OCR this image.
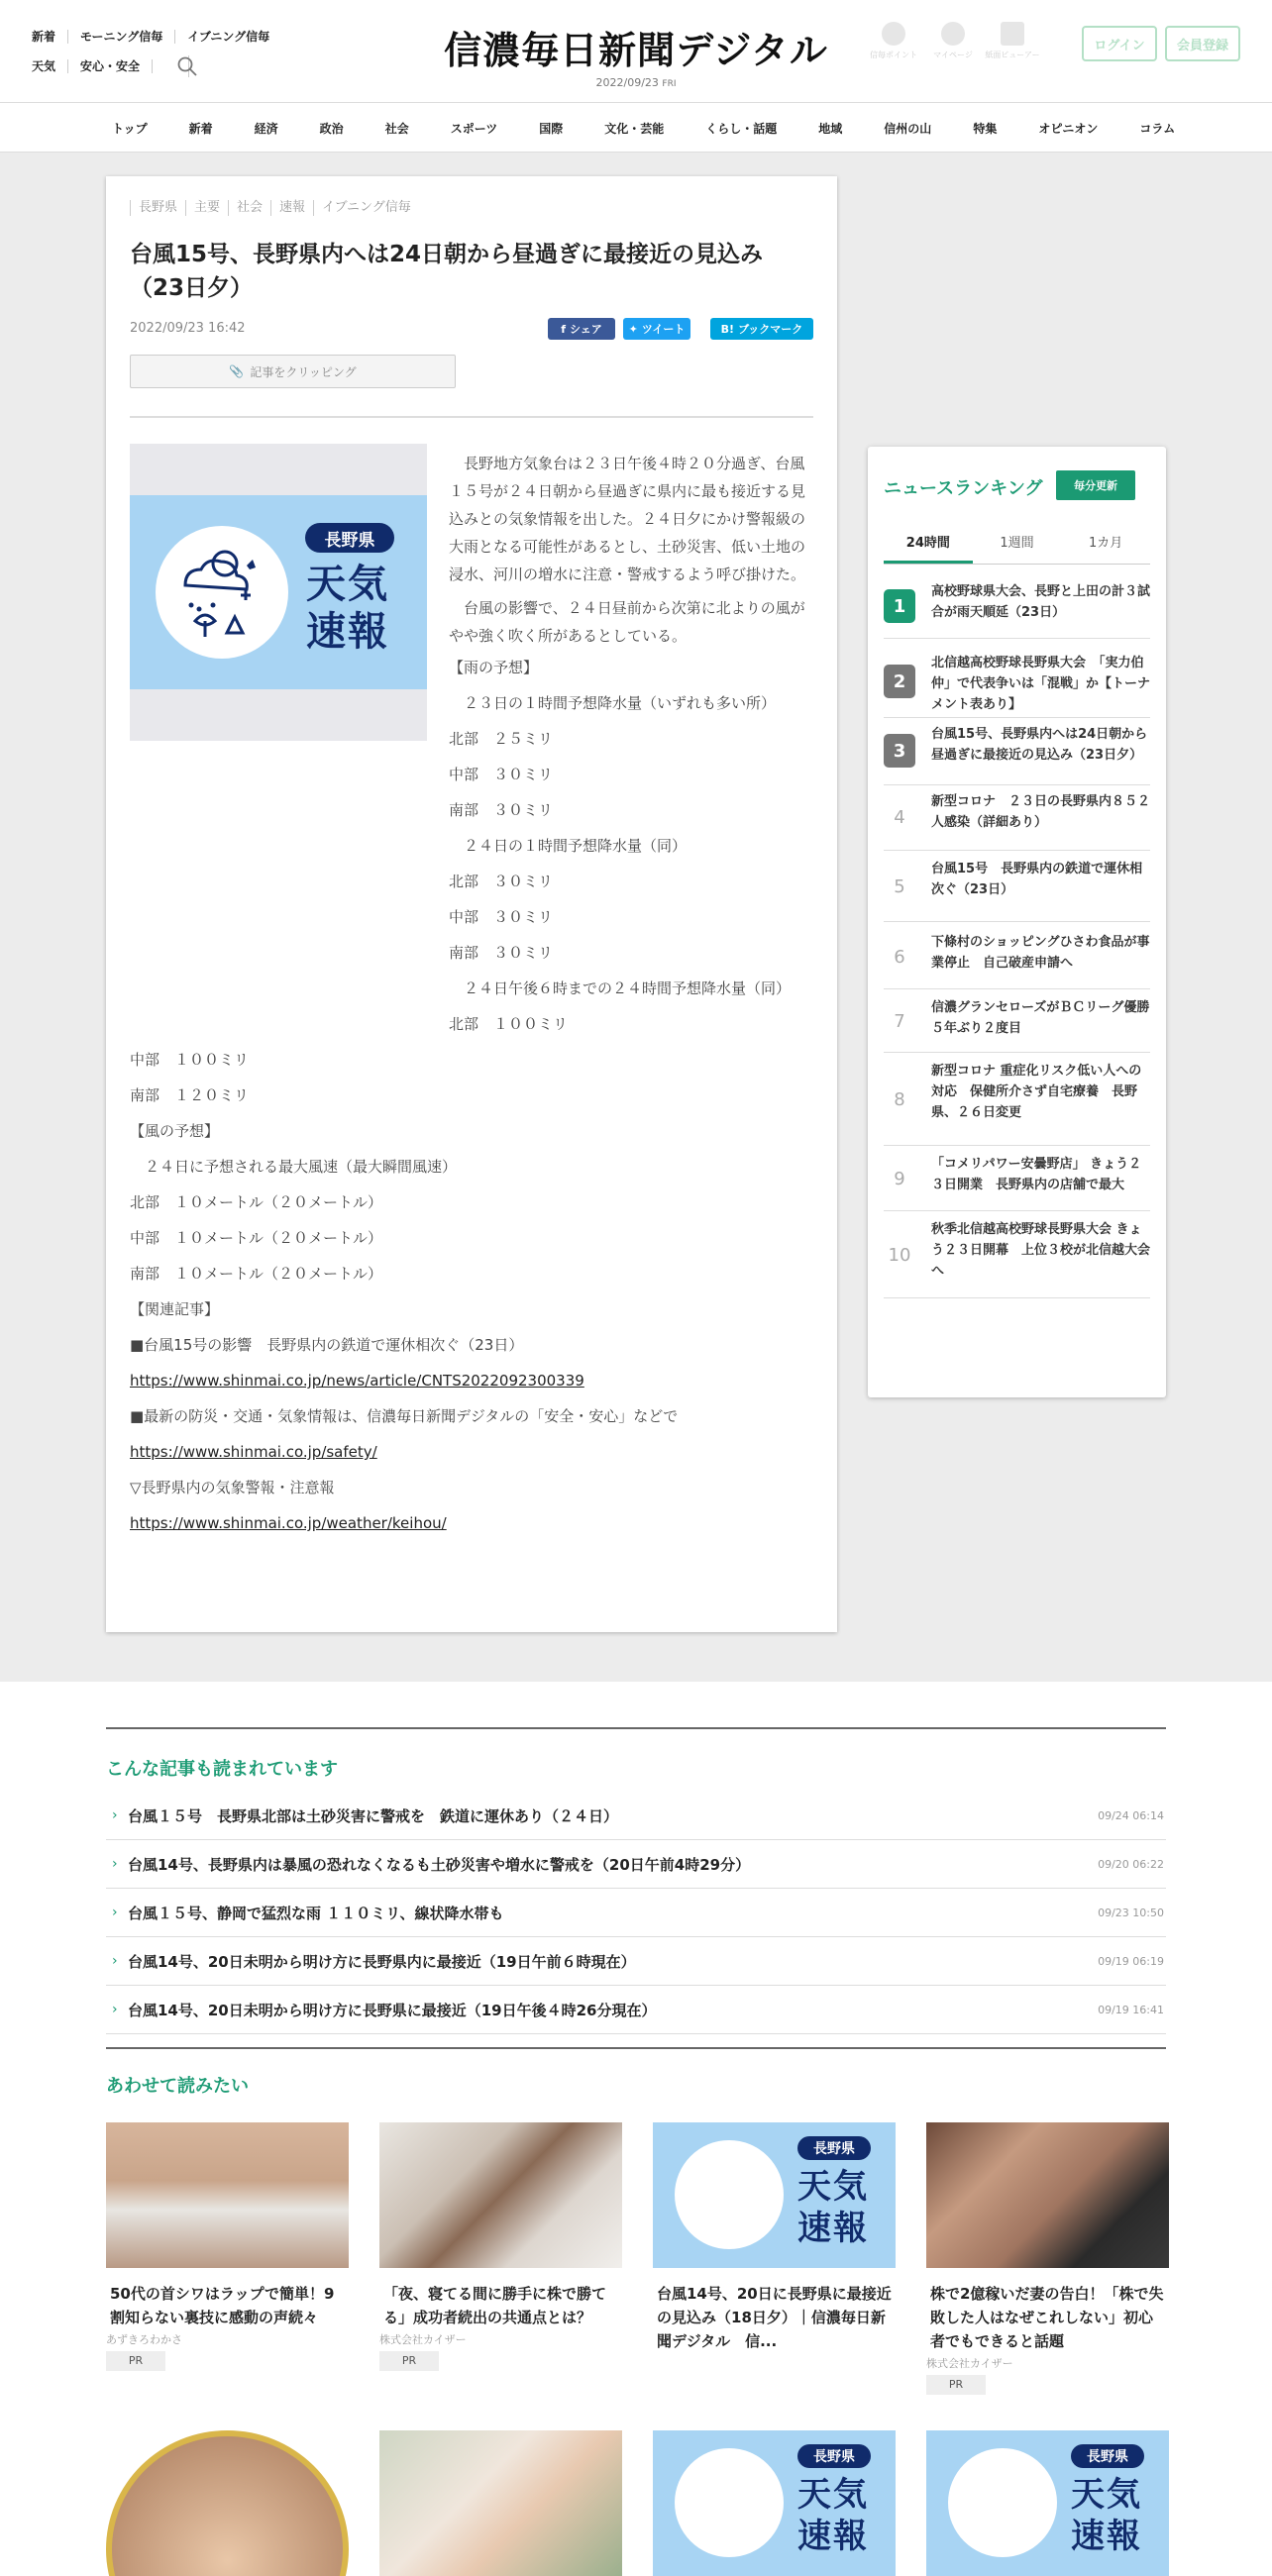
新着	モーニング信毎	イブニング信毎
天気	安心・安全	信濃毎日新聞デジタル
2022/09/23 FRI
信毎ポイント	マイページ	紙面ビューアー
ログイン	会員登録
トップ	新着	経済	政治	社会	スポーツ	国際	文化・芸能	くらし・話題	地域	信州の山	特集	オピニオン	コラム
長野県	主要	社会	速報	イブニング信毎
台風15号、長野県内へは24日朝から昼過ぎに最接近の見込み（23日夕）
2022/09/23 16:42	f シェア ✦ ツイート	B! ブックマーク
📎 記事をクリッピング
長野県
天気
速報

　長野地方気象台は２３日午後４時２０分過ぎ、台風１５号が２４日朝から昼過ぎに県内に最も接近する見込みとの気象情報を出した。２４日夕にかけ警報級の大雨となる可能性があるとし、土砂災害、低い土地の浸水、河川の増水に注意・警戒するよう呼び掛けた。

　台風の影響で、２４日昼前から次第に北よりの風がやや強く吹く所があるとしている。

【雨の予想】

　２３日の１時間予想降水量（いずれも多い所）

北部　２５ミリ

中部　３０ミリ

南部　３０ミリ

　２４日の１時間予想降水量（同）

北部　３０ミリ

中部　３０ミリ

南部　３０ミリ

　２４日午後６時までの２４時間予想降水量（同）

北部　１００ミリ

中部　１００ミリ

南部　１２０ミリ

【風の予想】

　２４日に予想される最大風速（最大瞬間風速）

北部　１０メートル（２０メートル）

中部　１０メートル（２０メートル）

南部　１０メートル（２０メートル）

【関連記事】

■台風15号の影響　長野県内の鉄道で運休相次ぐ（23日）

https://www.shinmai.co.jp/news/article/CNTS2022092300339

■最新の防災・交通・気象情報は、信濃毎日新聞デジタルの「安全・安心」などで

https://www.shinmai.co.jp/safety/

▽長野県内の気象警報・注意報

https://www.shinmai.co.jp/weather/keihou/

ニュースランキング	毎分更新
24時間	1週間	1カ月
1
高校野球県大会、長野と上田の計３試合が雨天順延（23日）
2
北信越高校野球長野県大会　「実力伯仲」で代表争いは「混戦」か【トーナメント表あり】
3
台風15号、長野県内へは24日朝から昼過ぎに最接近の見込み（23日夕）
4
新型コロナ　２３日の長野県内８５２人感染（詳細あり）
5
台風15号　長野県内の鉄道で運休相次ぐ（23日）
6
下條村のショッピングひさわ食品が事業停止　自己破産申請へ
7
信濃グランセローズがＢＣリーグ優勝　５年ぶり２度目
8
新型コロナ 重症化リスク低い人への対応　保健所介さず自宅療養　長野県、２６日変更
9
「コメリパワー安曇野店」 きょう２３日開業　長野県内の店舗で最大
10
秋季北信越高校野球長野県大会 きょう２３日開幕　上位３校が北信越大会へ
こんな記事も読まれています
› 台風１５号　長野県北部は土砂災害に警戒を　鉄道に運休あり（２４日）	09/24 06:14
› 台風14号、長野県内は暴風の恐れなくなるも土砂災害や増水に警戒を（20日午前4時29分）	09/20 06:22
› 台風１５号、静岡で猛烈な雨 １１０ミリ、線状降水帯も	09/23 10:50
› 台風14号、20日未明から明け方に長野県内に最接近（19日午前６時現在）	09/19 06:19
› 台風14号、20日未明から明け方に長野県に最接近（19日午後４時26分現在）	09/19 16:41
あわせて読みたい
50代の首シワはラップで簡単！9割知らない裏技に感動の声続々
あずきろわかさ
PR
「夜、寝てる間に勝手に株で勝てる」成功者続出の共通点とは？
株式会社カイザー
PR
長野県
天気
速報
台風14号、20日に長野県に最接近の見込み（18日夕）｜信濃毎日新聞デジタル　信...
株で2億稼いだ妻の告白！「株で失敗した人はなぜこれしない」初心者でもできると話題
株式会社カイザー
PR
長野県
天気
速報
長野県
天気
速報
